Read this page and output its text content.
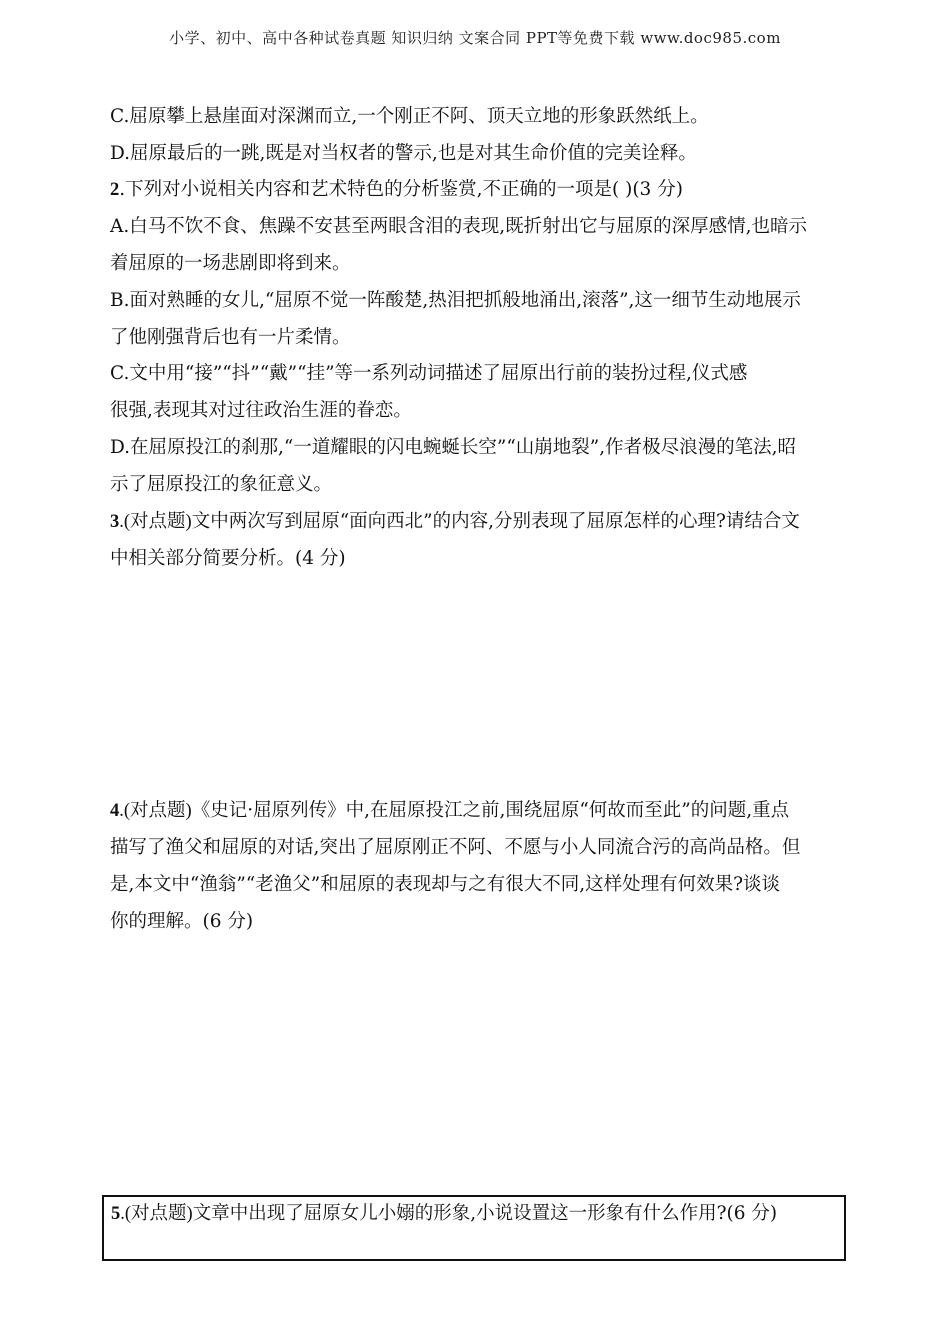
小学、初中、高中各种试卷真题 知识归纳 文案合同 PPT等免费下载 www.doc985.com
C.屈原攀上悬崖面对深渊而立,一个刚正不阿、顶天立地的形象跃然纸上。
D.屈原最后的一跳,既是对当权者的警示,也是对其生命价值的完美诠释。
2.下列对小说相关内容和艺术特色的分析鉴赏,不正确的一项是( )(3 分)
A.白马不饮不食、焦躁不安甚至两眼含泪的表现,既折射出它与屈原的深厚感情,也暗示
着屈原的一场悲剧即将到来。
B.面对熟睡的女儿,“屈原不觉一阵酸楚,热泪把抓般地涌出,滚落”,这一细节生动地展示
了他刚强背后也有一片柔情。
C.文中用“接”“抖”“戴”“挂”等一系列动词描述了屈原出行前的装扮过程,仪式感
很强,表现其对过往政治生涯的眷恋。
D.在屈原投江的刹那,“一道耀眼的闪电蜿蜒长空”“山崩地裂”,作者极尽浪漫的笔法,昭
示了屈原投江的象征意义。
3.(对点题)文中两次写到屈原“面向西北”的内容,分别表现了屈原怎样的心理?请结合文
中相关部分简要分析。(4 分)
4.(对点题)《史记·屈原列传》中,在屈原投江之前,围绕屈原“何故而至此”的问题,重点
描写了渔父和屈原的对话,突出了屈原刚正不阿、不愿与小人同流合污的高尚品格。但
是,本文中“渔翁”“老渔父”和屈原的表现却与之有很大不同,这样处理有何效果?谈谈
你的理解。(6 分)
5.(对点题)文章中出现了屈原女儿小嫋的形象,小说设置这一形象有什么作用?(6 分)
